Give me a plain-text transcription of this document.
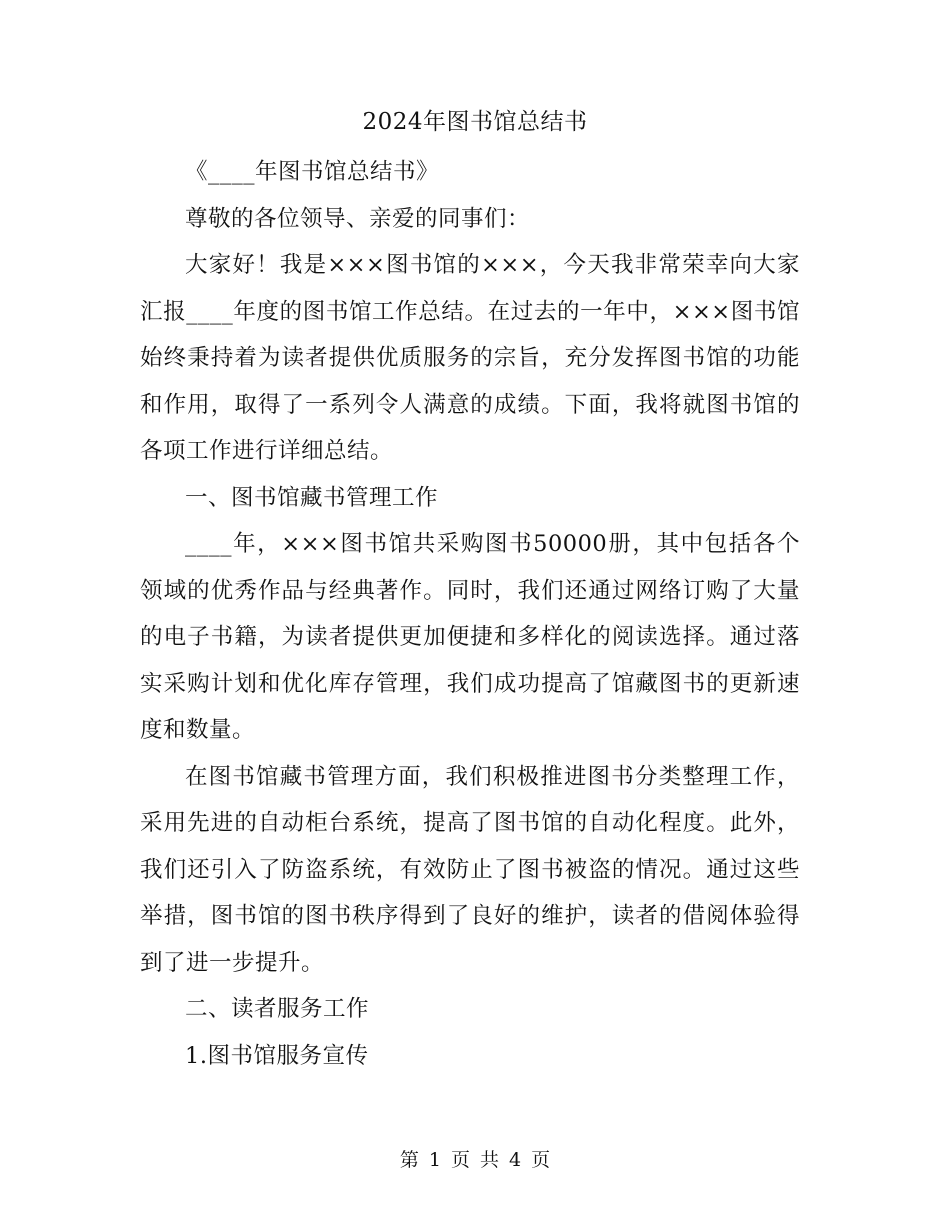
2024年图书馆总结书

《____年图书馆总结书》

尊敬的各位领导、亲爱的同事们：

大家好！我是×××图书馆的×××，今天我非常荣幸向大家汇报____年度的图书馆工作总结。在过去的一年中，×××图书馆始终秉持着为读者提供优质服务的宗旨，充分发挥图书馆的功能和作用，取得了一系列令人满意的成绩。下面，我将就图书馆的各项工作进行详细总结。

一、图书馆藏书管理工作

____年，×××图书馆共采购图书50000册，其中包括各个领域的优秀作品与经典著作。同时，我们还通过网络订购了大量的电子书籍，为读者提供更加便捷和多样化的阅读选择。通过落实采购计划和优化库存管理，我们成功提高了馆藏图书的更新速度和数量。

在图书馆藏书管理方面，我们积极推进图书分类整理工作，采用先进的自动柜台系统，提高了图书馆的自动化程度。此外，我们还引入了防盗系统，有效防止了图书被盗的情况。通过这些举措，图书馆的图书秩序得到了良好的维护，读者的借阅体验得到了进一步提升。

二、读者服务工作

1.图书馆服务宣传

第 1 页 共 4 页
